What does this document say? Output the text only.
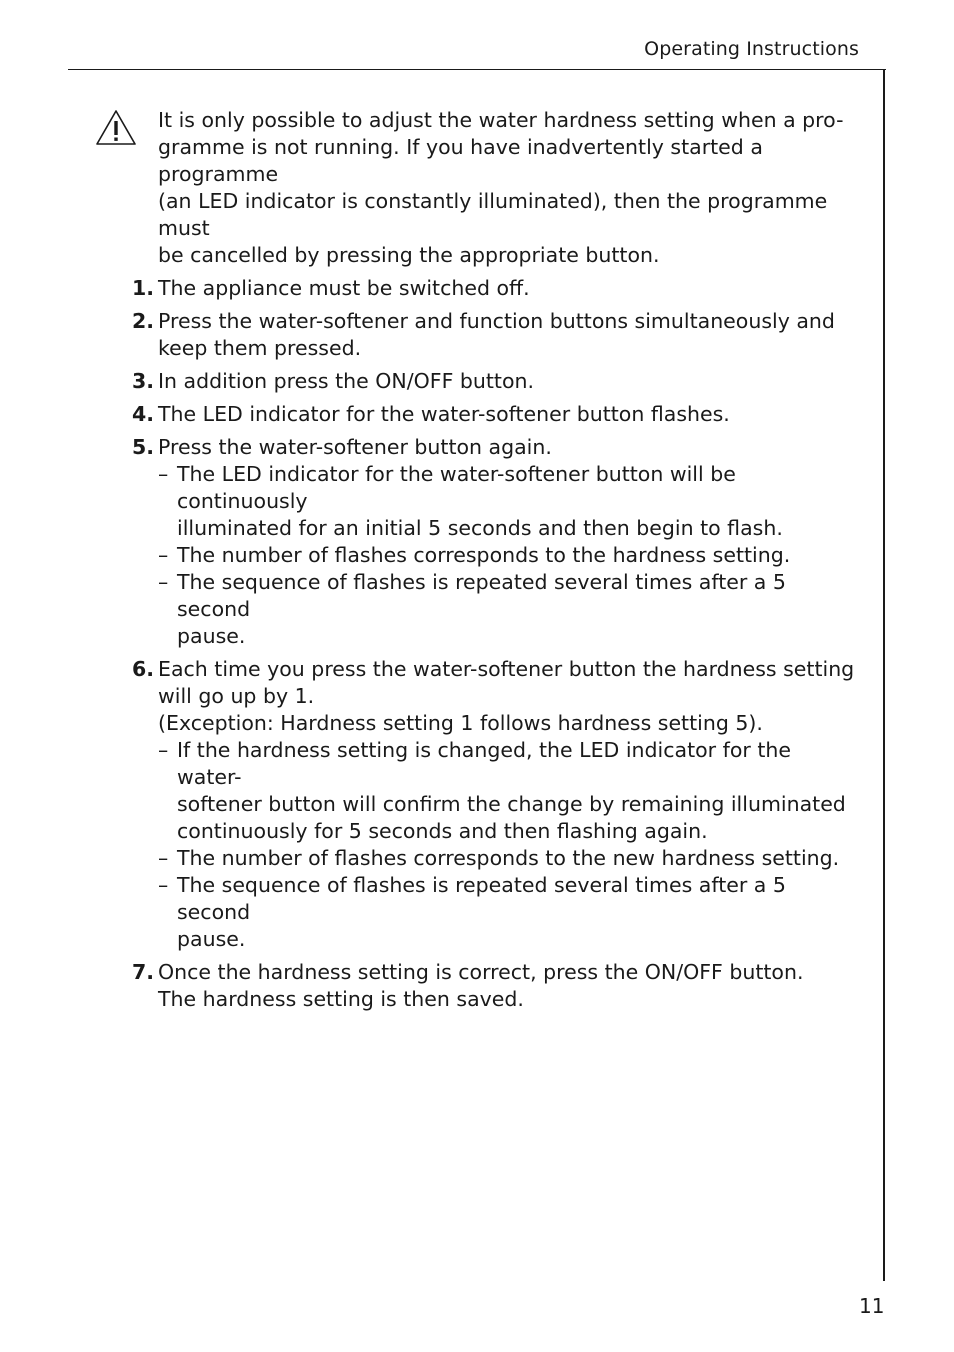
Operating Instructions

It is only possible to adjust the water hardness setting when a pro-
gramme is not running. If you have inadvertently started a programme
(an LED indicator is constantly illuminated), then the programme must
be cancelled by pressing the appropriate button.

1. The appliance must be switched off.
2. Press the water-softener and function buttons simultaneously and
keep them pressed.
3. In addition press the ON/OFF button.
4. The LED indicator for the water-softener button flashes.
5. Press the water-softener button again.
– The LED indicator for the water-softener button will be continuously
illuminated for an initial 5 seconds and then begin to flash.
– The number of flashes corresponds to the hardness setting.
– The sequence of flashes is repeated several times after a 5 second
pause.
6. Each time you press the water-softener button the hardness setting
will go up by 1.
(Exception: Hardness setting 1 follows hardness setting 5).
– If the hardness setting is changed, the LED indicator for the water-
softener button will confirm the change by remaining illuminated
continuously for 5 seconds and then flashing again.
– The number of flashes corresponds to the new hardness setting.
– The sequence of flashes is repeated several times after a 5 second
pause.
7. Once the hardness setting is correct, press the ON/OFF button.
The hardness setting is then saved.
11
